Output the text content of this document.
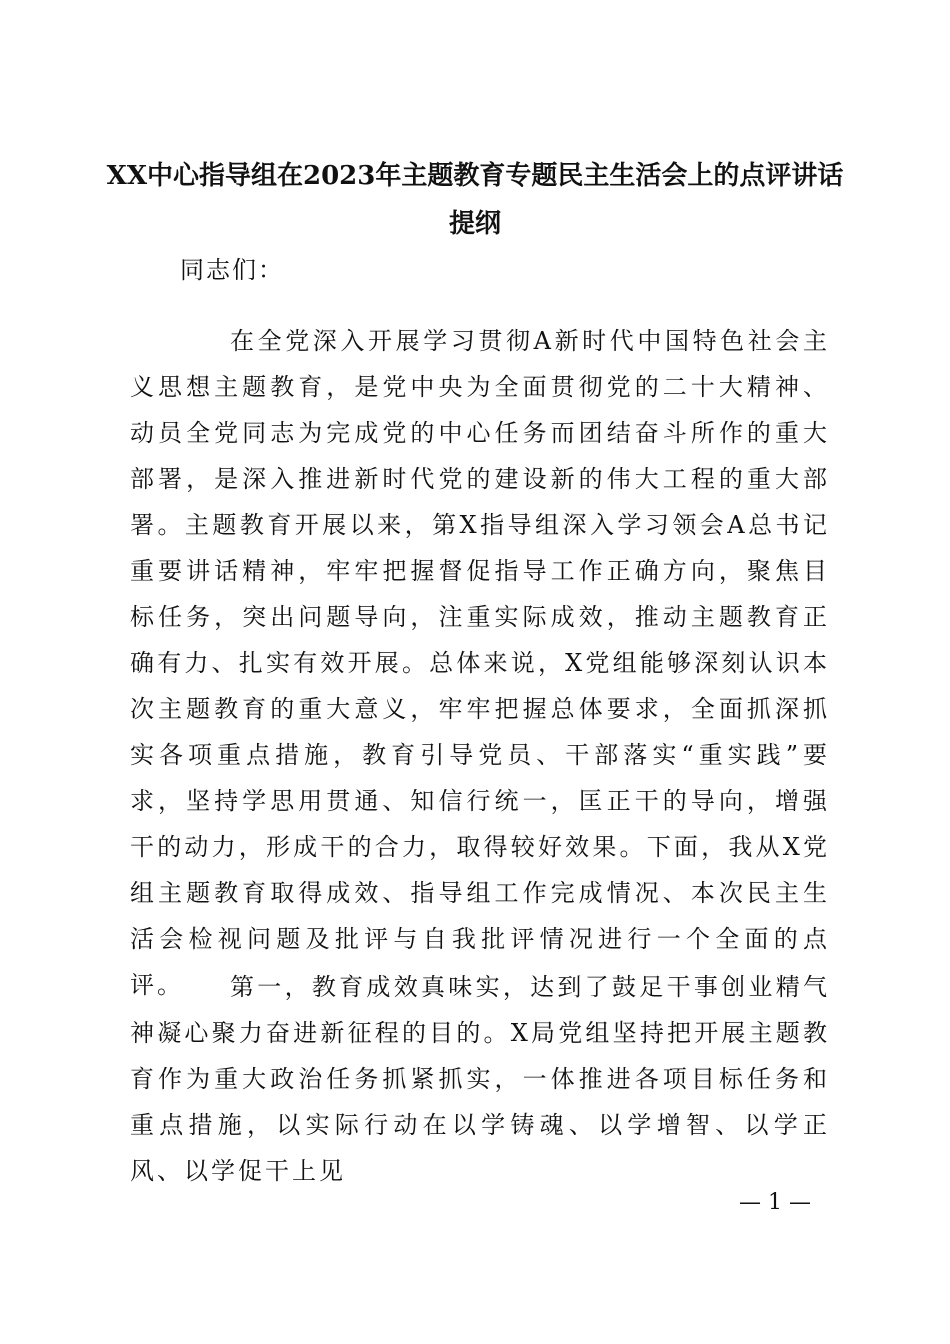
XX中心指导组在2023年主题教育专题民主生活会上的点评讲话
提纲
同志们：

在全党深入开展学习贯彻A新时代中国特色社会主义思想主题教育，是党中央为全面贯彻党的二十大精神、动员全党同志为完成党的中心任务而团结奋斗所作的重大部署，是深入推进新时代党的建设新的伟大工程的重大部署。主题教育开展以来，第X指导组深入学习领会A总书记重要讲话精神，牢牢把握督促指导工作正确方向，聚焦目标任务，突出问题导向，注重实际成效，推动主题教育正确有力、扎实有效开展。总体来说，X党组能够深刻认识本次主题教育的重大意义，牢牢把握总体要求，全面抓深抓实各项重点措施，教育引导党员、干部落实“重实践”要求，坚持学思用贯通、知信行统一，匡正干的导向，增强干的动力，形成干的合力，取得较好效果。下面，我从X党组主题教育取得成效、指导组工作完成情况、本次民主生活会检视问题及批评与自我批评情况进行一个全面的点评。	第一，教育成效真味实，达到了鼓足干事创业精气神凝心聚力奋进新征程的目的。X局党组坚持把开展主题教育作为重大政治任务抓紧抓实，一体推进各项目标任务和重点措施，以实际行动在以学铸魂、以学增智、以学正风、以学促干上见

— 1 —
